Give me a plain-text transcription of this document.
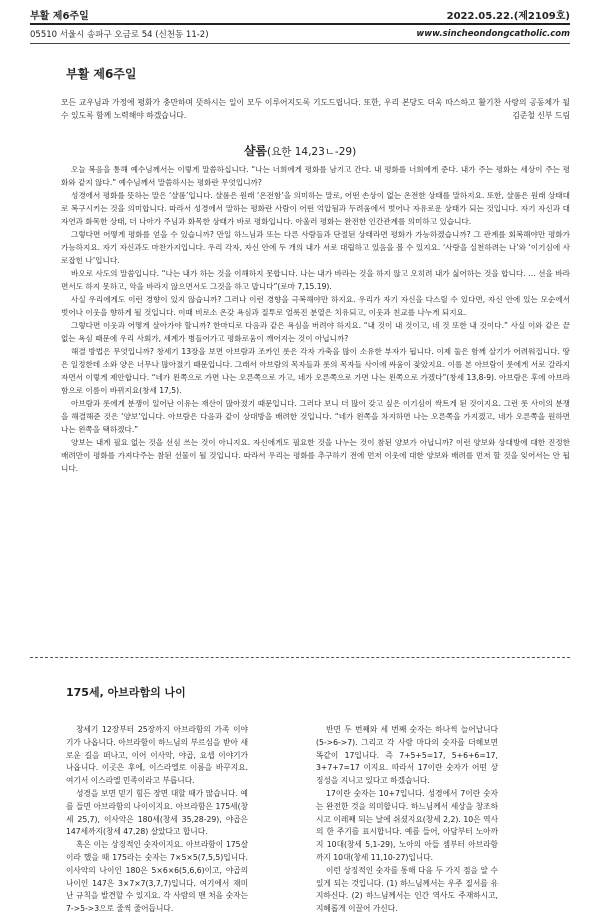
부활 제6주일	2022.05.22.(제2109호)
05510 서울시 송파구 오금로 54 (신천동 11-2)	www.sincheondongcatholic.com
부활 제6주일
모든 교우님과 가정에 평화가 충만하며 뜻하시는 일이 모두 이루어지도록 기도드립니다. 또한, 우리 본당도 더욱 따스하고 활기찬 사랑의 공동체가 될 수 있도록 함께 노력해야 하겠습니다.	김준철 신부 드림
샬롬(요한 14,23ㄴ-29)

오늘 복음을 통해 예수님께서는 이렇게 말씀하십니다. “나는 너희에게 평화를 남기고 간다. 내 평화를 너희에게 준다. 내가 주는 평화는 세상이 주는 평화와 같지 않다.” 예수님께서 말씀하시는 평화란 무엇입니까?

성경에서 평화를 뜻하는 말은 ‘샬롬’입니다. 샬롬은 원래 ‘온전함’을 의미하는 말로, 어떤 손상이 없는 온전한 상태를 말하지요. 또한, 샬롬은 원래 상태대로 복구시키는 것을 의미합니다. 따라서 성경에서 말하는 평화란 사람이 어떤 억압됨과 두려움에서 벗어나 자유로운 상태가 되는 것입니다. 자기 자신과 대자연과 화목한 상태, 더 나아가 주님과 화목한 상태가 바로 평화입니다. 아울러 평화는 완전한 인간관계를 의미하고 있습니다.

그렇다면 어떻게 평화를 얻을 수 있습니까? 만일 하느님과 또는 다른 사람들과 단절된 상태라면 평화가 가능하겠습니까? 그 관계를 회복해야만 평화가 가능하지요. 자기 자신과도 마찬가지입니다. 우리 각자, 자신 안에 두 개의 내가 서로 대립하고 있음을 볼 수 있지요. ‘사랑을 실천하려는 나’와 ‘이기심에 사로잡힌 나’입니다.

바오로 사도의 말씀입니다. “나는 내가 하는 것을 이해하지 못합니다. 나는 내가 바라는 것을 하지 않고 오히려 내가 싫어하는 것을 합니다. … 선을 바라면서도 하지 못하고, 악을 바라지 않으면서도 그것을 하고 맙니다”(로마 7,15.19).

사실 우리에게도 이런 경향이 있지 않습니까? 그러나 이런 경향을 극복해야만 하지요. 우리가 자기 자신을 다스릴 수 있다면, 자신 안에 있는 모순에서 벗어나 이웃을 향하게 될 것입니다. 이때 비로소 온갖 욕심과 질투로 얼룩진 분열은 치유되고, 이웃과 친교를 나누게 되지요.

그렇다면 이웃과 어떻게 살아가야 할니까? 한마디로 다음과 같은 욕심을 버려야 하지요. “내 것이 내 것이고, 네 것 또한 내 것이다.” 사실 이와 같은 끝없는 욕심 때문에 우리 사회가, 세계가 병들어가고 평화로움이 깨어지는 것이 아닙니까?

해결 방법은 무엇입니까? 창세기 13장을 보면 아브람과 조카인 롯은 각자 가축을 많이 소유한 부자가 됩니다. 이제 둘은 함께 살기가 어려워집니다. 땅은 일정한데 소와 양은 너무나 많아졌기 때문입니다. 그래서 아브람의 목자들과 롯의 목자들 사이에 싸움이 잦았지요. 이를 본 아브람이 롯에게 서로 갈라지자면서 이렇게 제안합니다. “네가 왼쪽으로 가면 나는 오른쪽으로 가고, 네가 오른쪽으로 가면 나는 왼쪽으로 가겠다”(창세 13,8-9). 아브람은 후에 아브라함으로 이름이 바뀌지요(창세 17,5).

아브람과 롯에게 분쟁이 일어난 이유는 재산이 많아졌기 때문입니다. 그러다 보니 더 많이 갖고 싶은 이기심이 싹트게 된 것이지요. 그런 롯 사이의 분쟁을 해결해준 것은 ‘양보’입니다. 아브람은 다음과 같이 상대방을 배려한 것입니다. “네가 왼쪽을 차지하면 나는 오른쪽을 가지겠고, 네가 오른쪽을 원하면 나는 왼쪽을 택하겠다.”

양보는 내게 필요 없는 것을 선심 쓰는 것이 아니지요. 자신에게도 필요한 것을 나누는 것이 참된 양보가 아닙니까? 이런 양보와 상대방에 대한 진정한 배려만이 평화를 가져다주는 참된 선물이 될 것입니다. 따라서 우리는 평화를 추구하기 전에 먼저 이웃에 대한 양보와 배려를 먼저 할 것을 잊어서는 안 됩니다.

175세, 아브라함의 나이

창세기 12장부터 25장까지 아브라함의 가족 이야기가 나옵니다. 아브라함이 하느님의 부르심을 받아 새로운 길을 떠나고, 이어 이사악, 야곱, 요셉 이야기가 나옵니다. 이곳은 후에, 이스라엘로 이름을 바꾸지요. 여기서 이스라엘 민족이라고 부릅니다.

성경을 보면 믿기 힘든 장면 대할 때가 많습니다. 예를 들면 아브라함의 나이이지요. 아브라함은 175세(창세 25,7), 이사악은 180세(창세 35,28-29), 야곱은 147세까지(창세 47,28) 살았다고 합니다.

혹은 이는 상징적인 숫자이지요. 아브라함이 175살이라 했을 때 175라는 숫자는 7×5×5(7,5,5)입니다. 이사악의 나이인 180은 5×6×6(5,6,6)이고, 야곱의 나이인 147은 3×7×7(3,7,7)입니다. 여기에서 재미난 규칙을 발견할 수 있지요. 각 사람의 맨 처음 숫자는 7->5->3으로 줄씩 줄어듭니다.

반면 두 번째와 세 번째 숫자는 하나씩 늘어납니다(5->6->7). 그리고 각 사람 마다의 숫자를 더해보면 똑같이 17입니다. 즉 7+5+5=17, 5+6+6=17, 3+7+7=17 이지요. 따라서 17이란 숫자가 어떤 상징성을 지니고 있다고 하겠습니다.

17이란 숫자는 10+7입니다. 성경에서 7이란 숫자는 완전한 것을 의미합니다. 하느님께서 세상을 창조하시고 이레째 되는 날에 쉬셨지요(창세 2,2). 10은 역사의 한 주기를 표시합니다. 예를 들어, 아담부터 노아까지 10대(창세 5,1-29), 노아의 아들 셈부터 아브라함까지 10대(창세 11,10-27)입니다.

이런 상징적인 숫자를 통해 다음 두 가지 점을 알 수 있게 되는 것입니다. (1) 하느님께서는 우주 질서를 유지하신다. (2) 하느님께서는 인간 역사도 주재하시고, 지혜롭게 이끌어 가신다.
